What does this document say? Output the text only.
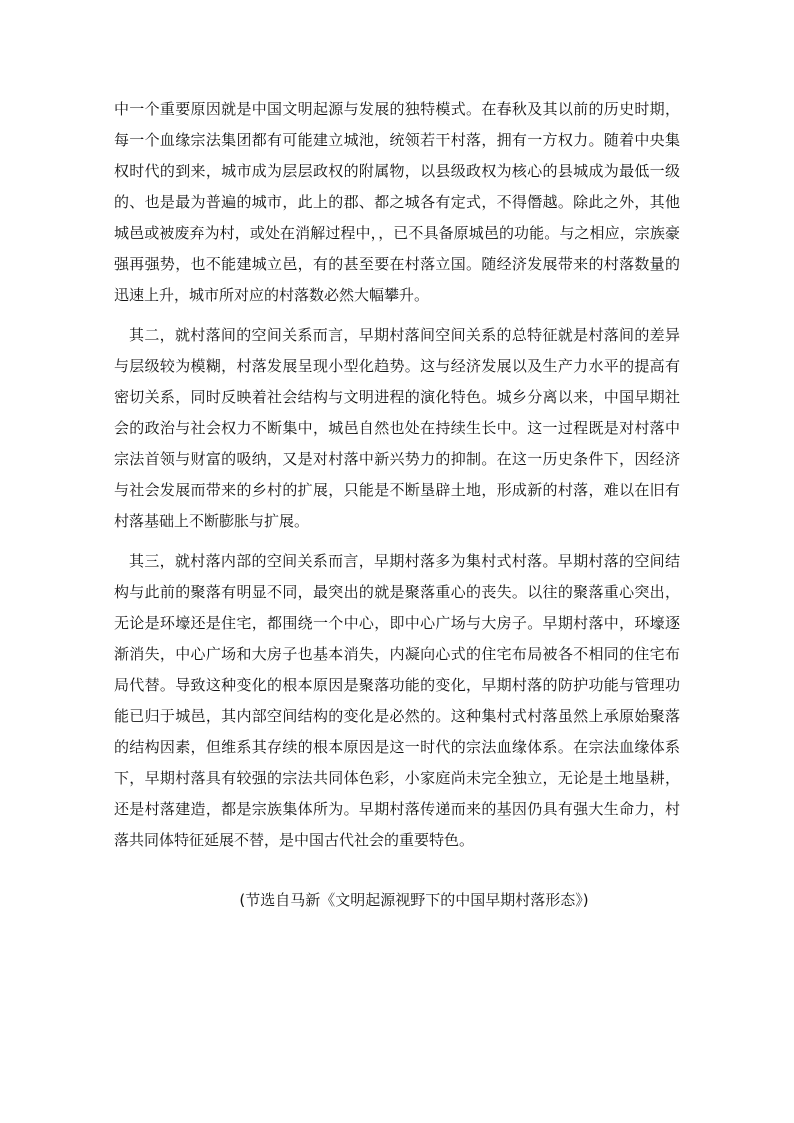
中一个重要原因就是中国文明起源与发展的独特模式。在春秋及其以前的历史时期，每一个血缘宗法集团都有可能建立城池，统领若干村落，拥有一方权力。随着中央集权时代的到来，城市成为层层政权的附属物，以县级政权为核心的县城成为最低一级的、也是最为普遍的城市，此上的郡、都之城各有定式，不得僭越。除此之外，其他城邑或被废弃为村，或处在消解过程中，，已不具备原城邑的功能。与之相应，宗族豪强再强势，也不能建城立邑，有的甚至要在村落立国。随经济发展带来的村落数量的迅速上升，城市所对应的村落数必然大幅攀升。

其二，就村落间的空间关系而言，早期村落间空间关系的总特征就是村落间的差异与层级较为模糊，村落发展呈现小型化趋势。这与经济发展以及生产力水平的提高有密切关系，同时反映着社会结构与文明进程的演化特色。城乡分离以来，中国早期社会的政治与社会权力不断集中，城邑自然也处在持续生长中。这一过程既是对村落中宗法首领与财富的吸纳，又是对村落中新兴势力的抑制。在这一历史条件下，因经济与社会发展而带来的乡村的扩展，只能是不断垦辟土地，形成新的村落，难以在旧有村落基础上不断膨胀与扩展。

其三，就村落内部的空间关系而言，早期村落多为集村式村落。早期村落的空间结构与此前的聚落有明显不同，最突出的就是聚落重心的丧失。以往的聚落重心突出，无论是环壕还是住宅，都围绕一个中心，即中心广场与大房子。早期村落中，环壕逐渐消失，中心广场和大房子也基本消失，内凝向心式的住宅布局被各不相同的住宅布局代替。导致这种变化的根本原因是聚落功能的变化，早期村落的防护功能与管理功能已归于城邑，其内部空间结构的变化是必然的。这种集村式村落虽然上承原始聚落的结构因素，但维系其存续的根本原因是这一时代的宗法血缘体系。在宗法血缘体系下，早期村落具有较强的宗法共同体色彩，小家庭尚未完全独立，无论是土地垦耕，还是村落建造，都是宗族集体所为。早期村落传递而来的基因仍具有强大生命力，村落共同体特征延展不替，是中国古代社会的重要特色。

(节选自马新《文明起源视野下的中国早期村落形态》)
